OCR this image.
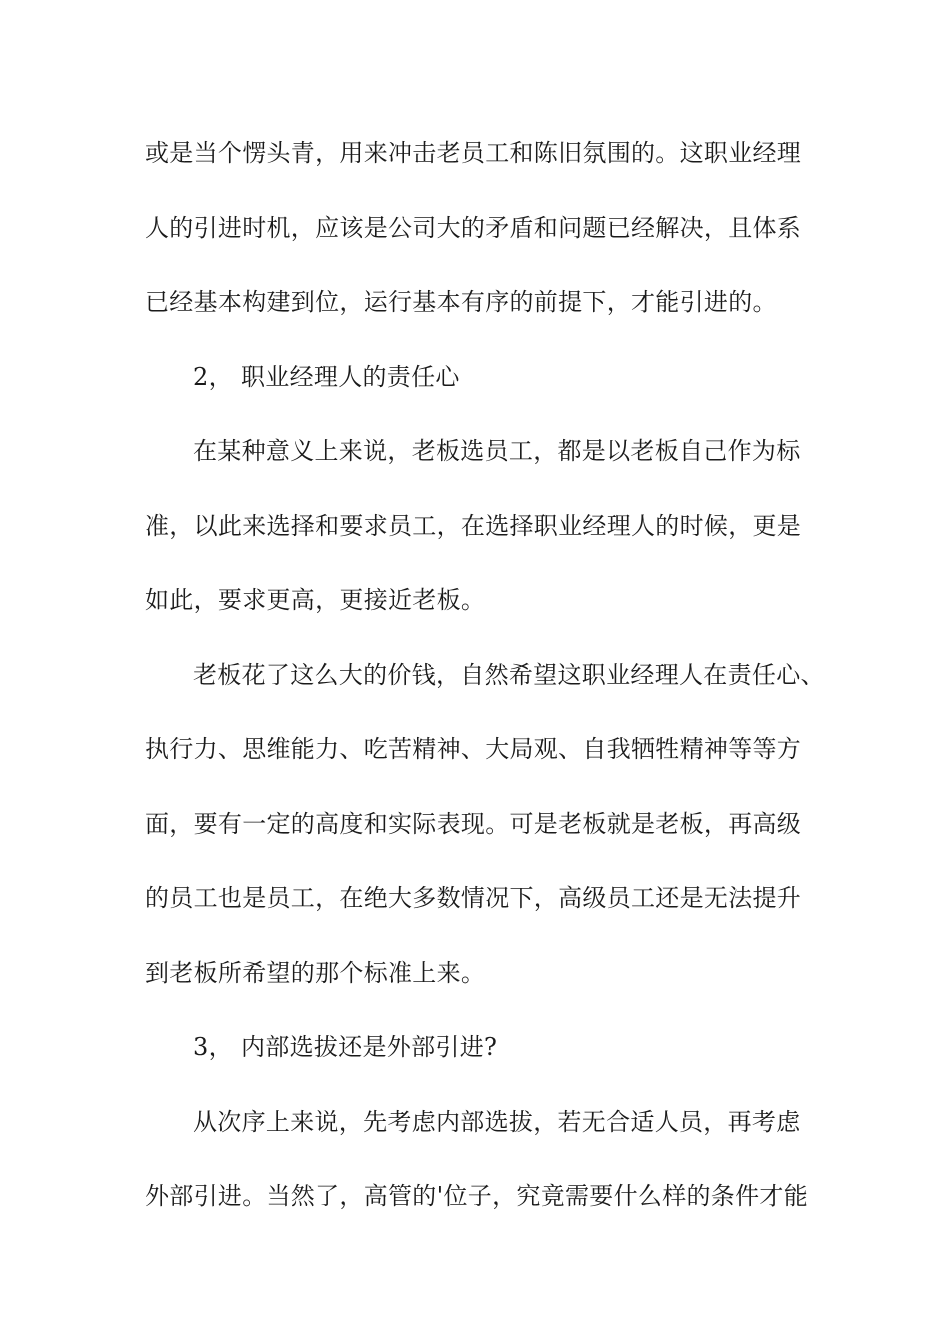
或是当个愣头青，用来冲击老员工和陈旧氛围的。这职业经理
人的引进时机，应该是公司大的矛盾和问题已经解决，且体系
已经基本构建到位，运行基本有序的前提下，才能引进的。
2， 职业经理人的责任心
在某种意义上来说，老板选员工，都是以老板自己作为标
准，以此来选择和要求员工，在选择职业经理人的时候，更是
如此，要求更高，更接近老板。
老板花了这么大的价钱，自然希望这职业经理人在责任心、
执行力、思维能力、吃苦精神、大局观、自我牺牲精神等等方
面，要有一定的高度和实际表现。可是老板就是老板，再高级
的员工也是员工，在绝大多数情况下，高级员工还是无法提升
到老板所希望的那个标准上来。
3， 内部选拔还是外部引进?
从次序上来说，先考虑内部选拔，若无合适人员，再考虑
外部引进。当然了，高管的'位子，究竟需要什么样的条件才能
